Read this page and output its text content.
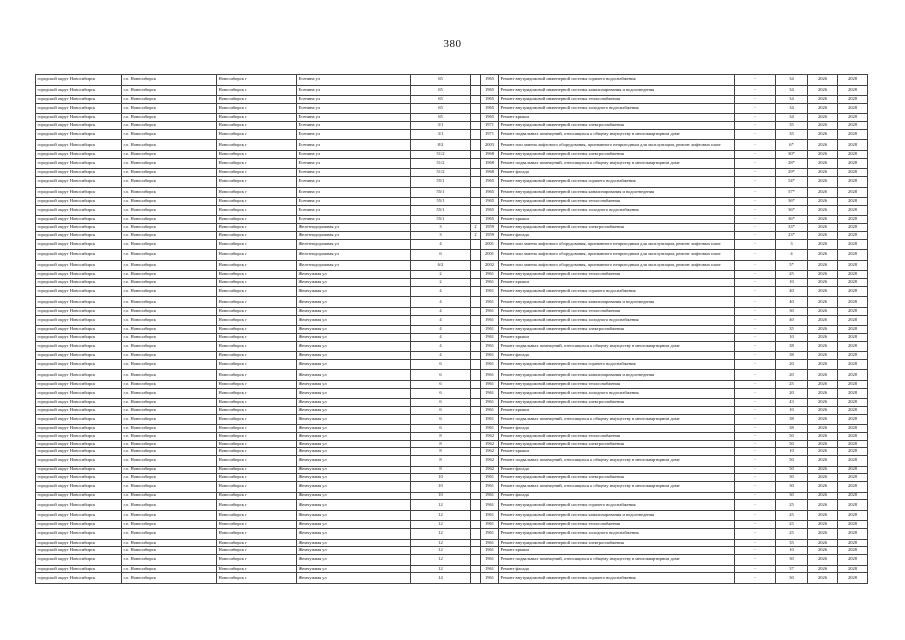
380
городской округ Новосибирск	г.о. Новосибирск	Новосибирск г	Есенина ул	65		1965	Ремонт внутридомовой инженерной системы горячего водоснабжения	-	34	2026	2028
городской округ Новосибирск	г.о. Новосибирск	Новосибирск г	Есенина ул	65		1965	Ремонт внутридомовой инженерной системы канализирования и водоотведения	-	34	2026	2028
городской округ Новосибирск	г.о. Новосибирск	Новосибирск г	Есенина ул	65		1965	Ремонт внутридомовой инженерной системы теплоснабжения	-	34	2026	2028
городской округ Новосибирск	г.о. Новосибирск	Новосибирск г	Есенина ул	65		1965	Ремонт внутридомовой инженерной системы холодного водоснабжения	-	34	2026	2028
городской округ Новосибирск	г.о. Новосибирск	Новосибирск г	Есенина ул	65		1965	Ремонт крыши	-	34	2026	2028
городской округ Новосибирск	г.о. Новосибирск	Новосибирск г	Есенина ул	3/1		1971	Ремонт внутридомовой инженерной системы электроснабжения	-	35	2026	2028
городской округ Новосибирск	г.о. Новосибирск	Новосибирск г	Есенина ул	3/1		1971	Ремонт подвальных помещений, относящихся к общему имуществу в многоквартирном доме	-	35	2026	2028
городской округ Новосибирск	г.о. Новосибирск	Новосибирск г	Есенина ул	8/2		2003	Ремонт или замена лифтового оборудования, признанного непригодным для эксплуатации, ремонт лифтовых шахт	-	6*	2026	2028
городской округ Новосибирск	г.о. Новосибирск	Новосибирск г	Есенина ул	51/2		1968	Ремонт внутридомовой инженерной системы электроснабжения	-	30*	2026	2028
городской округ Новосибирск	г.о. Новосибирск	Новосибирск г	Есенина ул	51/2		1968	Ремонт подвальных помещений, относящихся к общему имуществу в многоквартирном доме	-	28*	2026	2028
городской округ Новосибирск	г.о. Новосибирск	Новосибирск г	Есенина ул	51/2		1968	Ремонт фасада	-	29*	2026	2028
городской округ Новосибирск	г.о. Новосибирск	Новосибирск г	Есенина ул	55/1		1965	Ремонт внутридомовой инженерной системы горячего водоснабжения	-	54*	2026	2028
городской округ Новосибирск	г.о. Новосибирск	Новосибирск г	Есенина ул	55/1		1965	Ремонт внутридомовой инженерной системы канализирования и водоотведения	-	57*	2026	2028
городской округ Новосибирск	г.о. Новосибирск	Новосибирск г	Есенина ул	55/1		1965	Ремонт внутридомовой инженерной системы теплоснабжения	-	36*	2026	2028
городской округ Новосибирск	г.о. Новосибирск	Новосибирск г	Есенина ул	55/1		1965	Ремонт внутридомовой инженерной системы холодного водоснабжения	-	36*	2026	2028
городской округ Новосибирск	г.о. Новосибирск	Новосибирск г	Есенина ул	55/1		1965	Ремонт крыши	-	36*	2026	2028
городской округ Новосибирск	г.о. Новосибирск	Новосибирск г	Железнодорожная ул	3	2	1959	Ремонт внутридомовой инженерной системы электроснабжения	-	33*	2026	2028
городской округ Новосибирск	г.о. Новосибирск	Новосибирск г	Железнодорожная ул	3	2	1959	Ремонт фасада	-	23*	2026	2028
городской округ Новосибирск	г.о. Новосибирск	Новосибирск г	Железнодорожная ул	4		2001	Ремонт или замена лифтового оборудования, признанного непригодным для эксплуатации, ремонт лифтовых шахт	-	3	2026	2028
городской округ Новосибирск	г.о. Новосибирск	Новосибирск г	Железнодорожная ул	6		2001	Ремонт или замена лифтового оборудования, признанного непригодным для эксплуатации, ремонт лифтовых шахт	-	4	2026	2028
городской округ Новосибирск	г.о. Новосибирск	Новосибирск г	Железнодорожная ул	6/2		2002	Ремонт или замена лифтового оборудования, признанного непригодным для эксплуатации, ремонт лифтовых шахт	-	5*	2026	2028
городской округ Новосибирск	г.о. Новосибирск	Новосибирск г	Жемчужная ул	2		1961	Ремонт внутридомовой инженерной системы теплоснабжения	-	25	2026	2028
городской округ Новосибирск	г.о. Новосибирск	Новосибирск г	Жемчужная ул	2		1961	Ремонт крыши	-	10	2026	2028
городской округ Новосибирск	г.о. Новосибирск	Новосибирск г	Жемчужная ул	4		1961	Ремонт внутридомовой инженерной системы горячего водоснабжения	-	40	2026	2028
городской округ Новосибирск	г.о. Новосибирск	Новосибирск г	Жемчужная ул	4		1961	Ремонт внутридомовой инженерной системы канализирования и водоотведения	-	40	2026	2028
городской округ Новосибирск	г.о. Новосибирск	Новосибирск г	Жемчужная ул	4		1961	Ремонт внутридомовой инженерной системы теплоснабжения	-	30	2026	2028
городской округ Новосибирск	г.о. Новосибирск	Новосибирск г	Жемчужная ул	4		1961	Ремонт внутридомовой инженерной системы холодного водоснабжения	-	40	2026	2028
городской округ Новосибирск	г.о. Новосибирск	Новосибирск г	Жемчужная ул	4		1961	Ремонт внутридомовой инженерной системы электроснабжения	-	35	2026	2028
городской округ Новосибирск	г.о. Новосибирск	Новосибирск г	Жемчужная ул	4		1961	Ремонт крыши	-	10	2026	2028
городской округ Новосибирск	г.о. Новосибирск	Новосибирск г	Жемчужная ул	4		1961	Ремонт подвальных помещений, относящихся к общему имуществу в многоквартирном доме	-	38	2026	2028
городской округ Новосибирск	г.о. Новосибирск	Новосибирск г	Жемчужная ул	4		1961	Ремонт фасада	-	38	2026	2028
городской округ Новосибирск	г.о. Новосибирск	Новосибирск г	Жемчужная ул	6		1961	Ремонт внутридомовой инженерной системы горячего водоснабжения	-	20	2026	2028
городской округ Новосибирск	г.о. Новосибирск	Новосибирск г	Жемчужная ул	6		1961	Ремонт внутридомовой инженерной системы канализирования и водоотведения	-	20	2026	2028
городской округ Новосибирск	г.о. Новосибирск	Новосибирск г	Жемчужная ул	6		1961	Ремонт внутридомовой инженерной системы теплоснабжения	-	25	2026	2028
городской округ Новосибирск	г.о. Новосибирск	Новосибирск г	Жемчужная ул	6		1961	Ремонт внутридомовой инженерной системы холодного водоснабжения	-	20	2026	2028
городской округ Новосибирск	г.о. Новосибирск	Новосибирск г	Жемчужная ул	6		1961	Ремонт внутридомовой инженерной системы электроснабжения	-	43	2026	2028
городской округ Новосибирск	г.о. Новосибирск	Новосибирск г	Жемчужная ул	6		1961	Ремонт крыши	-	10	2026	2028
городской округ Новосибирск	г.о. Новосибирск	Новосибирск г	Жемчужная ул	6		1961	Ремонт подвальных помещений, относящихся к общему имуществу в многоквартирном доме	-	38	2026	2028
городской округ Новосибирск	г.о. Новосибирск	Новосибирск г	Жемчужная ул	6		1961	Ремонт фасада	-	38	2026	2028
городской округ Новосибирск	г.о. Новосибирск	Новосибирск г	Жемчужная ул	8		1962	Ремонт внутридомовой инженерной системы теплоснабжения	-	50	2026	2028
городской округ Новосибирск	г.о. Новосибирск	Новосибирск г	Жемчужная ул	8		1962	Ремонт внутридомовой инженерной системы электроснабжения	-	50	2026	2028
городской округ Новосибирск	г.о. Новосибирск	Новосибирск г	Жемчужная ул	8		1962	Ремонт крыши	-	10	2026	2028
городской округ Новосибирск	г.о. Новосибирск	Новосибирск г	Жемчужная ул	8		1962	Ремонт подвальных помещений, относящихся к общему имуществу в многоквартирном доме	-	50	2026	2028
городской округ Новосибирск	г.о. Новосибирск	Новосибирск г	Жемчужная ул	8		1962	Ремонт фасада	-	50	2026	2028
городской округ Новосибирск	г.о. Новосибирск	Новосибирск г	Жемчужная ул	10		1961	Ремонт внутридомовой инженерной системы электроснабжения	-	30	2026	2028
городской округ Новосибирск	г.о. Новосибирск	Новосибирск г	Жемчужная ул	10		1961	Ремонт подвальных помещений, относящихся к общему имуществу в многоквартирном доме	-	30	2026	2028
городской округ Новосибирск	г.о. Новосибирск	Новосибирск г	Жемчужная ул	10		1961	Ремонт фасада	-	30	2026	2028
городской округ Новосибирск	г.о. Новосибирск	Новосибирск г	Жемчужная ул	12		1961	Ремонт внутридомовой инженерной системы горячего водоснабжения	-	25	2026	2028
городской округ Новосибирск	г.о. Новосибирск	Новосибирск г	Жемчужная ул	12		1961	Ремонт внутридомовой инженерной системы канализирования и водоотведения	-	25	2026	2028
городской округ Новосибирск	г.о. Новосибирск	Новосибирск г	Жемчужная ул	12		1961	Ремонт внутридомовой инженерной системы теплоснабжения	-	25	2026	2028
городской округ Новосибирск	г.о. Новосибирск	Новосибирск г	Жемчужная ул	12		1961	Ремонт внутридомовой инженерной системы холодного водоснабжения	-	25	2026	2028
городской округ Новосибирск	г.о. Новосибирск	Новосибирск г	Жемчужная ул	12		1961	Ремонт внутридомовой инженерной системы электроснабжения	-	35	2026	2028
городской округ Новосибирск	г.о. Новосибирск	Новосибирск г	Жемчужная ул	12		1961	Ремонт крыши	-	10	2026	2028
городской округ Новосибирск	г.о. Новосибирск	Новосибирск г	Жемчужная ул	12		1961	Ремонт подвальных помещений, относящихся к общему имуществу в многоквартирном доме	-	30	2026	2028
городской округ Новосибирск	г.о. Новосибирск	Новосибирск г	Жемчужная ул	12		1961	Ремонт фасада	-	37	2026	2028
городской округ Новосибирск	г.о. Новосибирск	Новосибирск г	Жемчужная ул	14		1961	Ремонт внутридомовой инженерной системы горячего водоснабжения	-	30	2026	2028
